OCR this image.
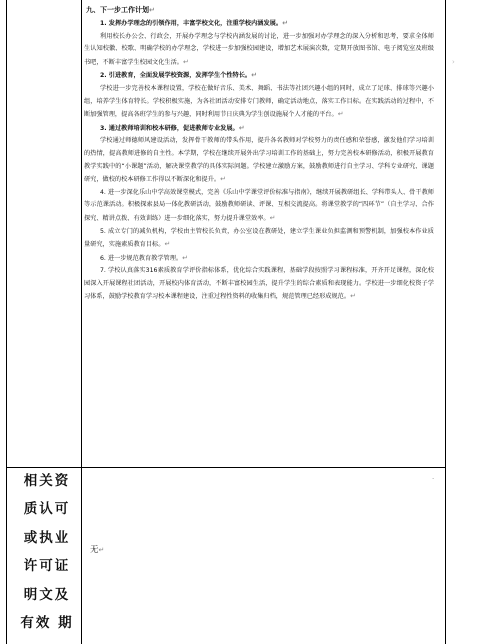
九、下一步工作计划↵
1. 发挥办学理念的引领作用，丰富学校文化，注重学校内涵发展。↵
利用校长办公会、行政会，开展办学理念与学校内涵发展的讨论，进一步加强对办学理念的深入分析和思考，要求全体师生认知校徽、校歌、明确学校的办学理念，学校进一步加强校园建设，增加艺术展演次数，定期开放图书馆、电子阅览室及班级书吧，不断丰富学生校园文化生活。↵
2. 引进教育，全面发展学校资源，发挥学生个性特长。↵
学校进一步完善校本课程设置，学校在做好音乐、美术、舞蹈、书法等社团兴趣小组的同时，成立了足球、排球等兴趣小组，培养学生体育特长。学校积极实施，为各社团活动安排专门教师，确定活动地点，落实工作目标。在实践活动的过程中，不断加强管理，提高各班学生的参与兴趣，同时利用节日庆典为学生创设施展个人才能的平台。↵
3. 通过教师培训和校本研修，促进教师专业发展。↵
学校通过师德师风建设活动，发挥骨干教师的带头作用，提升各名教师对学校努力的责任感和荣誉感，激发他们学习培训的热情，提高教师进修的自主性。本学期，学校在继续开展外出学习培训工作的基础上，努力完善校本研修活动，积极开展教育教学实践中的“小课题”活动，解决课堂教学的具体实际问题。学校建立激励方案，鼓励教师进行自主学习、学科专业研究、课题研究，做校的校本研修工作得以不断深化和提升。↵
4. 进一步深化乐山中学高效课堂模式，完善《乐山中学课堂评价标准与指南》，继续开展教研组长、学科带头人、骨干教师等示范课活动。积极探索县局一体化教研活动，鼓励教师研读、评课、互相交流提高。将课堂教学的“四环节”（自主学习、合作探究、精讲点拨、有效训练）进一步细化落实，努力提升课堂效率。↵
5. 成立专门的减负机构，学校由主管校长负责，办公室设在教研处，建立学生课业负担监测和预警机制，加强校本作业质量研究，实施素质教育目标。↵
6. 进一步规范教育教学管理。↵
7. 学校认真落实316素质教育学评价指标体系，优化综合实践课程，基础学段按照学习课程标准，开齐开足课程，深化校园深入开展课程社团活动，开展校内体育活动，不断丰富校园生活，提升学生的综合素质和表现能力。学校进一步细化校资子学习体系，鼓励学校教育学习校本课程建设，注重过程性资料的收集归档，规范管理已经形成规范。↵
相关资
质认可
或执业
许可证
明文及
有效 期
无↵
·
›
